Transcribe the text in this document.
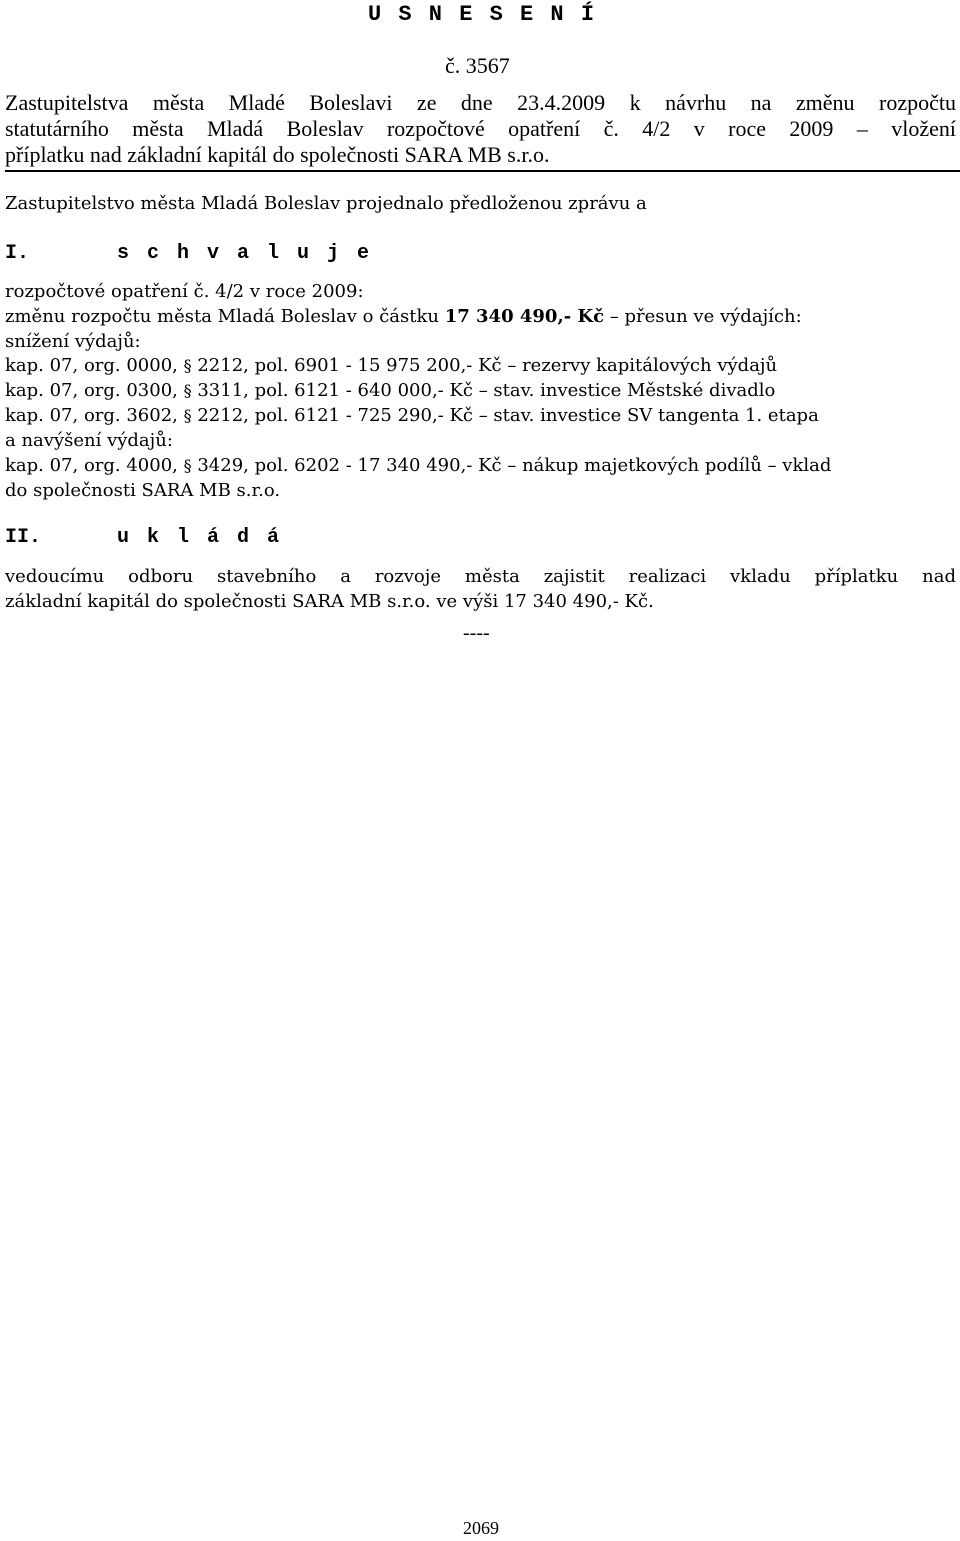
U S N E S E N Í
č. 3567
Zastupitelstva města Mladé Boleslavi ze dne 23.4.2009 k návrhu na změnu rozpočtu
statutárního města Mladá Boleslav rozpočtové opatření č. 4/2 v roce 2009 – vložení
příplatku nad základní kapitál do společnosti SARA MB s.r.o.
Zastupitelstvo města Mladá Boleslav projednalo předloženou zprávu a
I.	s c h v a l u j e
rozpočtové opatření č. 4/2 v roce 2009:
změnu rozpočtu města Mladá Boleslav o částku 17 340 490,- Kč – přesun ve výdajích:
snížení výdajů:
kap. 07, org. 0000, § 2212, pol. 6901 - 15 975 200,- Kč – rezervy kapitálových výdajů
kap. 07, org. 0300, § 3311, pol. 6121 - 640 000,- Kč – stav. investice Městské divadlo
kap. 07, org. 3602, § 2212, pol. 6121 - 725 290,- Kč – stav. investice SV tangenta 1. etapa
a navýšení výdajů:
kap. 07, org. 4000, § 3429, pol. 6202 - 17 340 490,- Kč – nákup majetkových podílů – vklad
do společnosti SARA MB s.r.o.
II.	u k l á d á
vedoucímu odboru stavebního a rozvoje města zajistit realizaci vkladu příplatku nad
základní kapitál do společnosti SARA MB s.r.o. ve výši 17 340 490,- Kč.
----
2069
